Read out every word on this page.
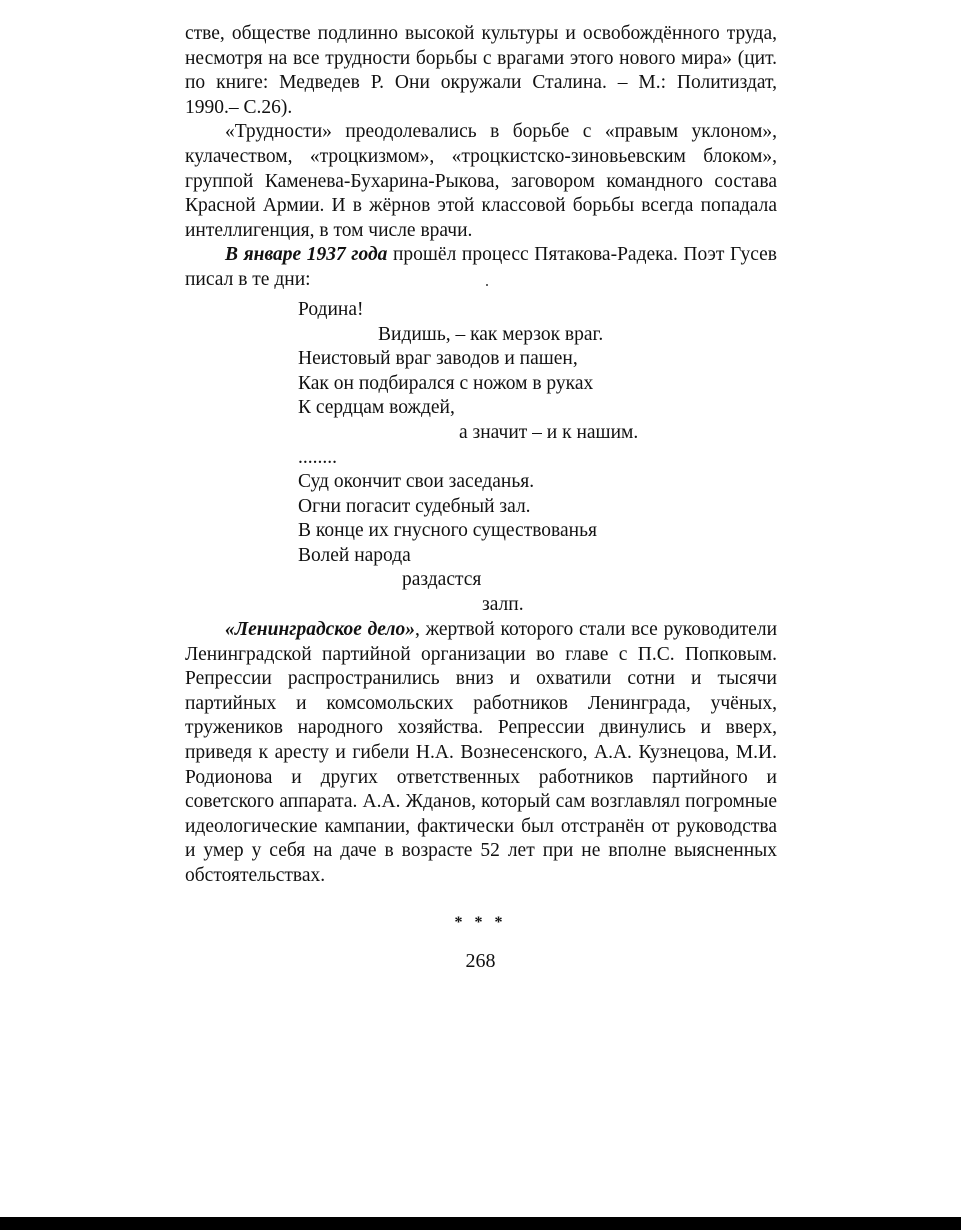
стве, обществе подлинно высокой культуры и освобождённого труда, несмотря на все трудности борьбы с врагами этого нового мира» (цит. по книге: Медведев Р. Они окружали Сталина. – М.: Политиздат, 1990.– С.26).

«Трудности» преодолевались в борьбе с «правым уклоном», кулачеством, «троцкизмом», «троцкистско-зиновьевским блоком», группой Каменева-Бухарина-Рыкова, заговором командного состава Красной Армии. И в жёрнов этой классовой борьбы всегда попадала интеллигенция, в том числе врачи.

В январе 1937 года прошёл процесс Пятакова-Радека. Поэт Гусев писал в те дни:

Родина!
Видишь, – как мерзок враг.
Неистовый враг заводов и пашен,
Как он подбирался с ножом в руках
К сердцам вождей,
а значит – и к нашим.
........
Суд окончит свои заседанья.
Огни погасит судебный зал.
В конце их гнусного существованья
Волей народа
раздастся
залп.

«Ленинградское дело», жертвой которого стали все руководители Ленинградской партийной организации во главе с П.С. Попковым. Репрессии распространились вниз и охватили сотни и тысячи партийных и комсомольских работников Ленинграда, учёных, тружеников народного хозяйства. Репрессии двинулись и вверх, приведя к аресту и гибели Н.А. Вознесенского, А.А. Кузнецова, М.И. Родионова и других ответственных работников партийного и советского аппарата. А.А. Жданов, который сам возглавлял погромные идеологические кампании, фактически был отстранён от руководства и умер у себя на даче в возрасте 52 лет при не вполне выясненных обстоятельствах.

* * *
268
